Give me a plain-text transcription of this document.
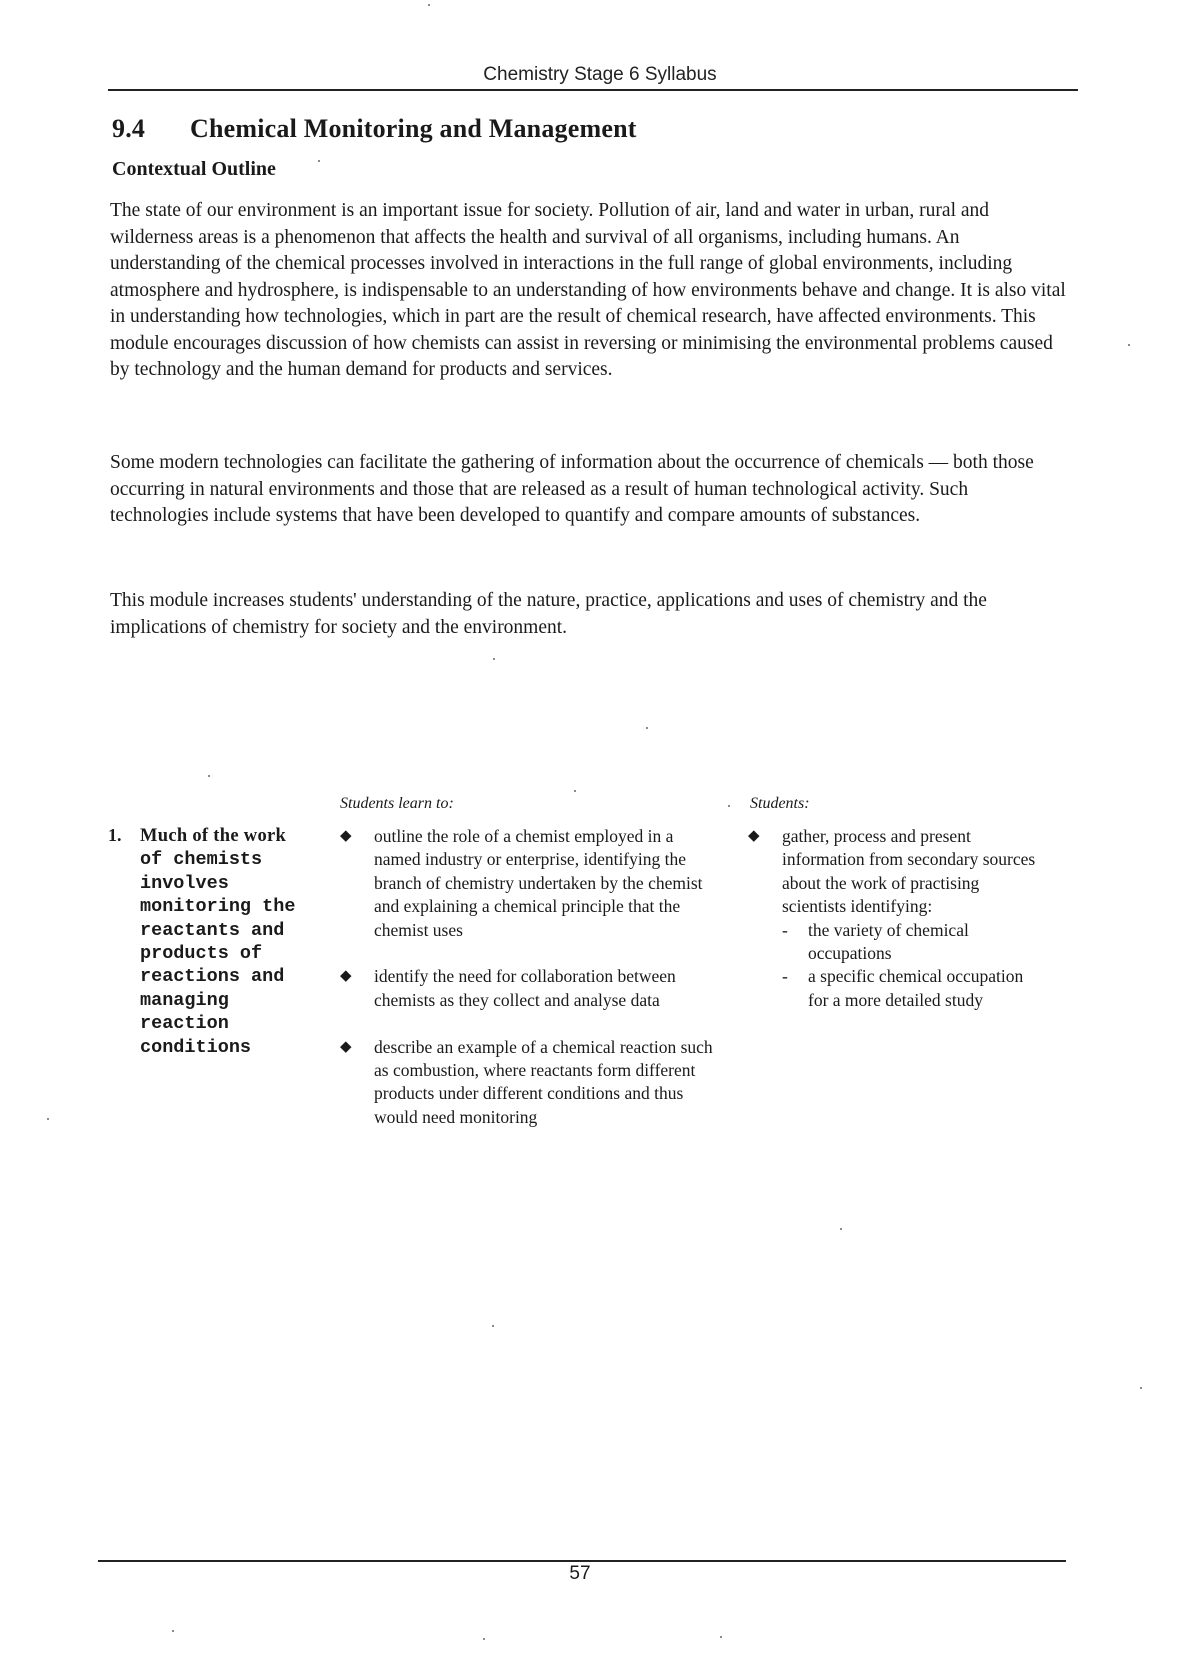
Chemistry Stage 6 Syllabus
9.4 Chemical Monitoring and Management
Contextual Outline

The state of our environment is an important issue for society. Pollution of air, land and water in urban, rural and wilderness areas is a phenomenon that affects the health and survival of all organisms, including humans. An understanding of the chemical processes involved in interactions in the full range of global environments, including atmosphere and hydrosphere, is indispensable to an understanding of how environments behave and change. It is also vital in understanding how technologies, which in part are the result of chemical research, have affected environments. This module encourages discussion of how chemists can assist in reversing or minimising the environmental problems caused by technology and the human demand for products and services.

Some modern technologies can facilitate the gathering of information about the occurrence of chemicals — both those occurring in natural environments and those that are released as a result of human technological activity. Such technologies include systems that have been developed to quantify and compare amounts of substances.

This module increases students' understanding of the nature, practice, applications and uses of chemistry and the implications of chemistry for society and the environment.

Students learn to:	Students:
1. Much of the work
of chemists
involves
monitoring the
reactants and
products of
reactions and
managing
reaction
conditions
◆ outline the role of a chemist employed in a named industry or enterprise, identifying the branch of chemistry undertaken by the chemist and explaining a chemical principle that the chemist uses
◆ identify the need for collaboration between chemists as they collect and analyse data
◆ describe an example of a chemical reaction such as combustion, where reactants form different products under different conditions and thus would need monitoring
◆ gather, process and present information from secondary sources about the work of practising scientists identifying:
- the variety of chemical occupations
- a specific chemical occupation for a more detailed study
57
